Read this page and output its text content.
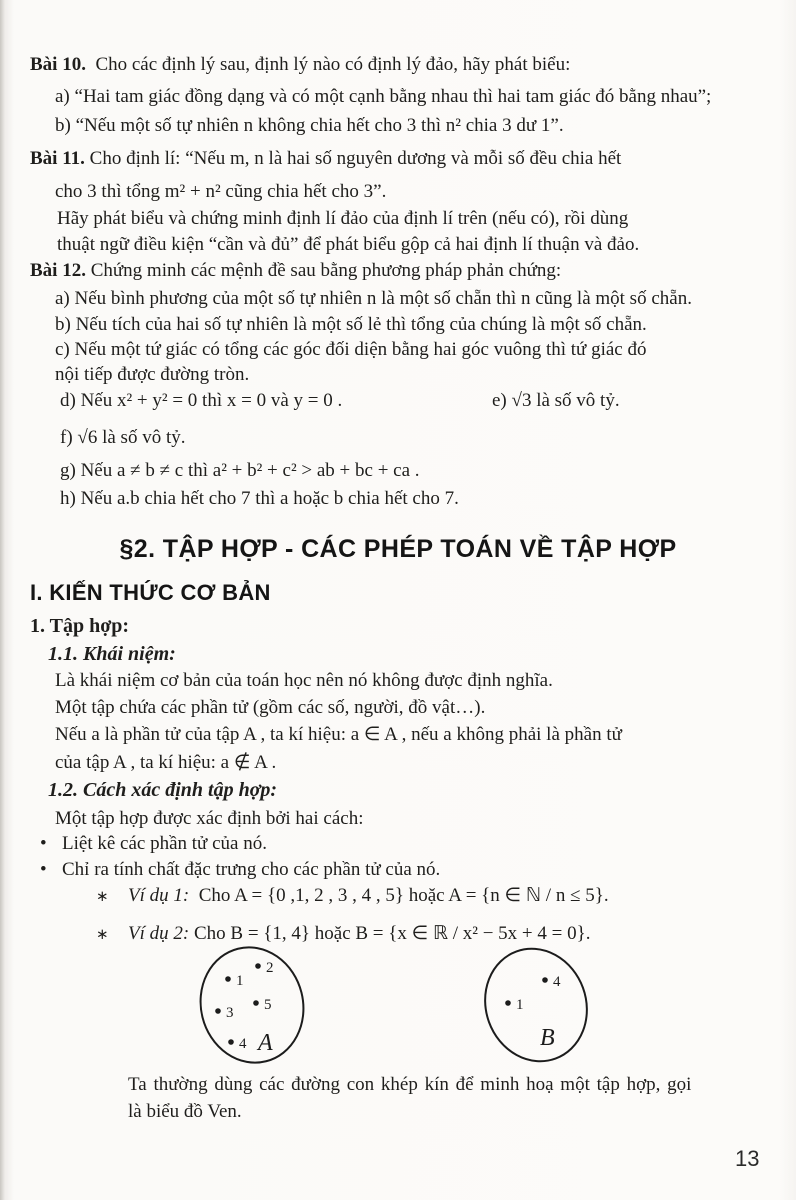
Bài 10. Cho các định lý sau, định lý nào có định lý đảo, hãy phát biểu:
a) “Hai tam giác đồng dạng và có một cạnh bằng nhau thì hai tam giác đó bằng nhau”;
b) “Nếu một số tự nhiên n không chia hết cho 3 thì n² chia 3 dư 1”.
Bài 11. Cho định lí: “Nếu m, n là hai số nguyên dương và mỗi số đều chia hết
cho 3 thì tổng m² + n² cũng chia hết cho 3”.
Hãy phát biểu và chứng minh định lí đảo của định lí trên (nếu có), rồi dùng
thuật ngữ điều kiện “cần và đủ” để phát biểu gộp cả hai định lí thuận và đảo.
Bài 12. Chứng minh các mệnh đề sau bằng phương pháp phản chứng:
a) Nếu bình phương của một số tự nhiên n là một số chẵn thì n cũng là một số chẵn.
b) Nếu tích của hai số tự nhiên là một số lẻ thì tổng của chúng là một số chẵn.
c) Nếu một tứ giác có tổng các góc đối diện bằng hai góc vuông thì tứ giác đó
nội tiếp được đường tròn.
d) Nếu x² + y² = 0 thì x = 0 và y = 0 .	e) √3 là số vô tỷ.
f) √6 là số vô tỷ.
g) Nếu a ≠ b ≠ c thì a² + b² + c² > ab + bc + ca .
h) Nếu a.b chia hết cho 7 thì a hoặc b chia hết cho 7.
§2. TẬP HỢP - CÁC PHÉP TOÁN VỀ TẬP HỢP
I. KIẾN THỨC CƠ BẢN
1. Tập hợp:
1.1. Khái niệm:
Là khái niệm cơ bản của toán học nên nó không được định nghĩa.
Một tập chứa các phần tử (gồm các số, người, đồ vật…).
Nếu a là phần tử của tập A , ta kí hiệu: a ∈ A , nếu a không phải là phần tử
của tập A , ta kí hiệu: a ∉ A .
1.2. Cách xác định tập hợp:
Một tập hợp được xác định bởi hai cách:
• Liệt kê các phần tử của nó.
• Chỉ ra tính chất đặc trưng cho các phần tử của nó.
∗ Ví dụ 1: Cho A = {0 ,1, 2 , 3 , 4 , 5} hoặc A = {n ∈ ℕ / n ≤ 5}.
∗ Ví dụ 2: Cho B = {1, 4} hoặc B = {x ∈ ℝ / x² − 5x + 4 = 0}.
1
2
3 5
4 A
4
1
B
Ta thường dùng các đường con khép kín để minh hoạ một tập hợp, gọi
là biểu đồ Ven.
13
